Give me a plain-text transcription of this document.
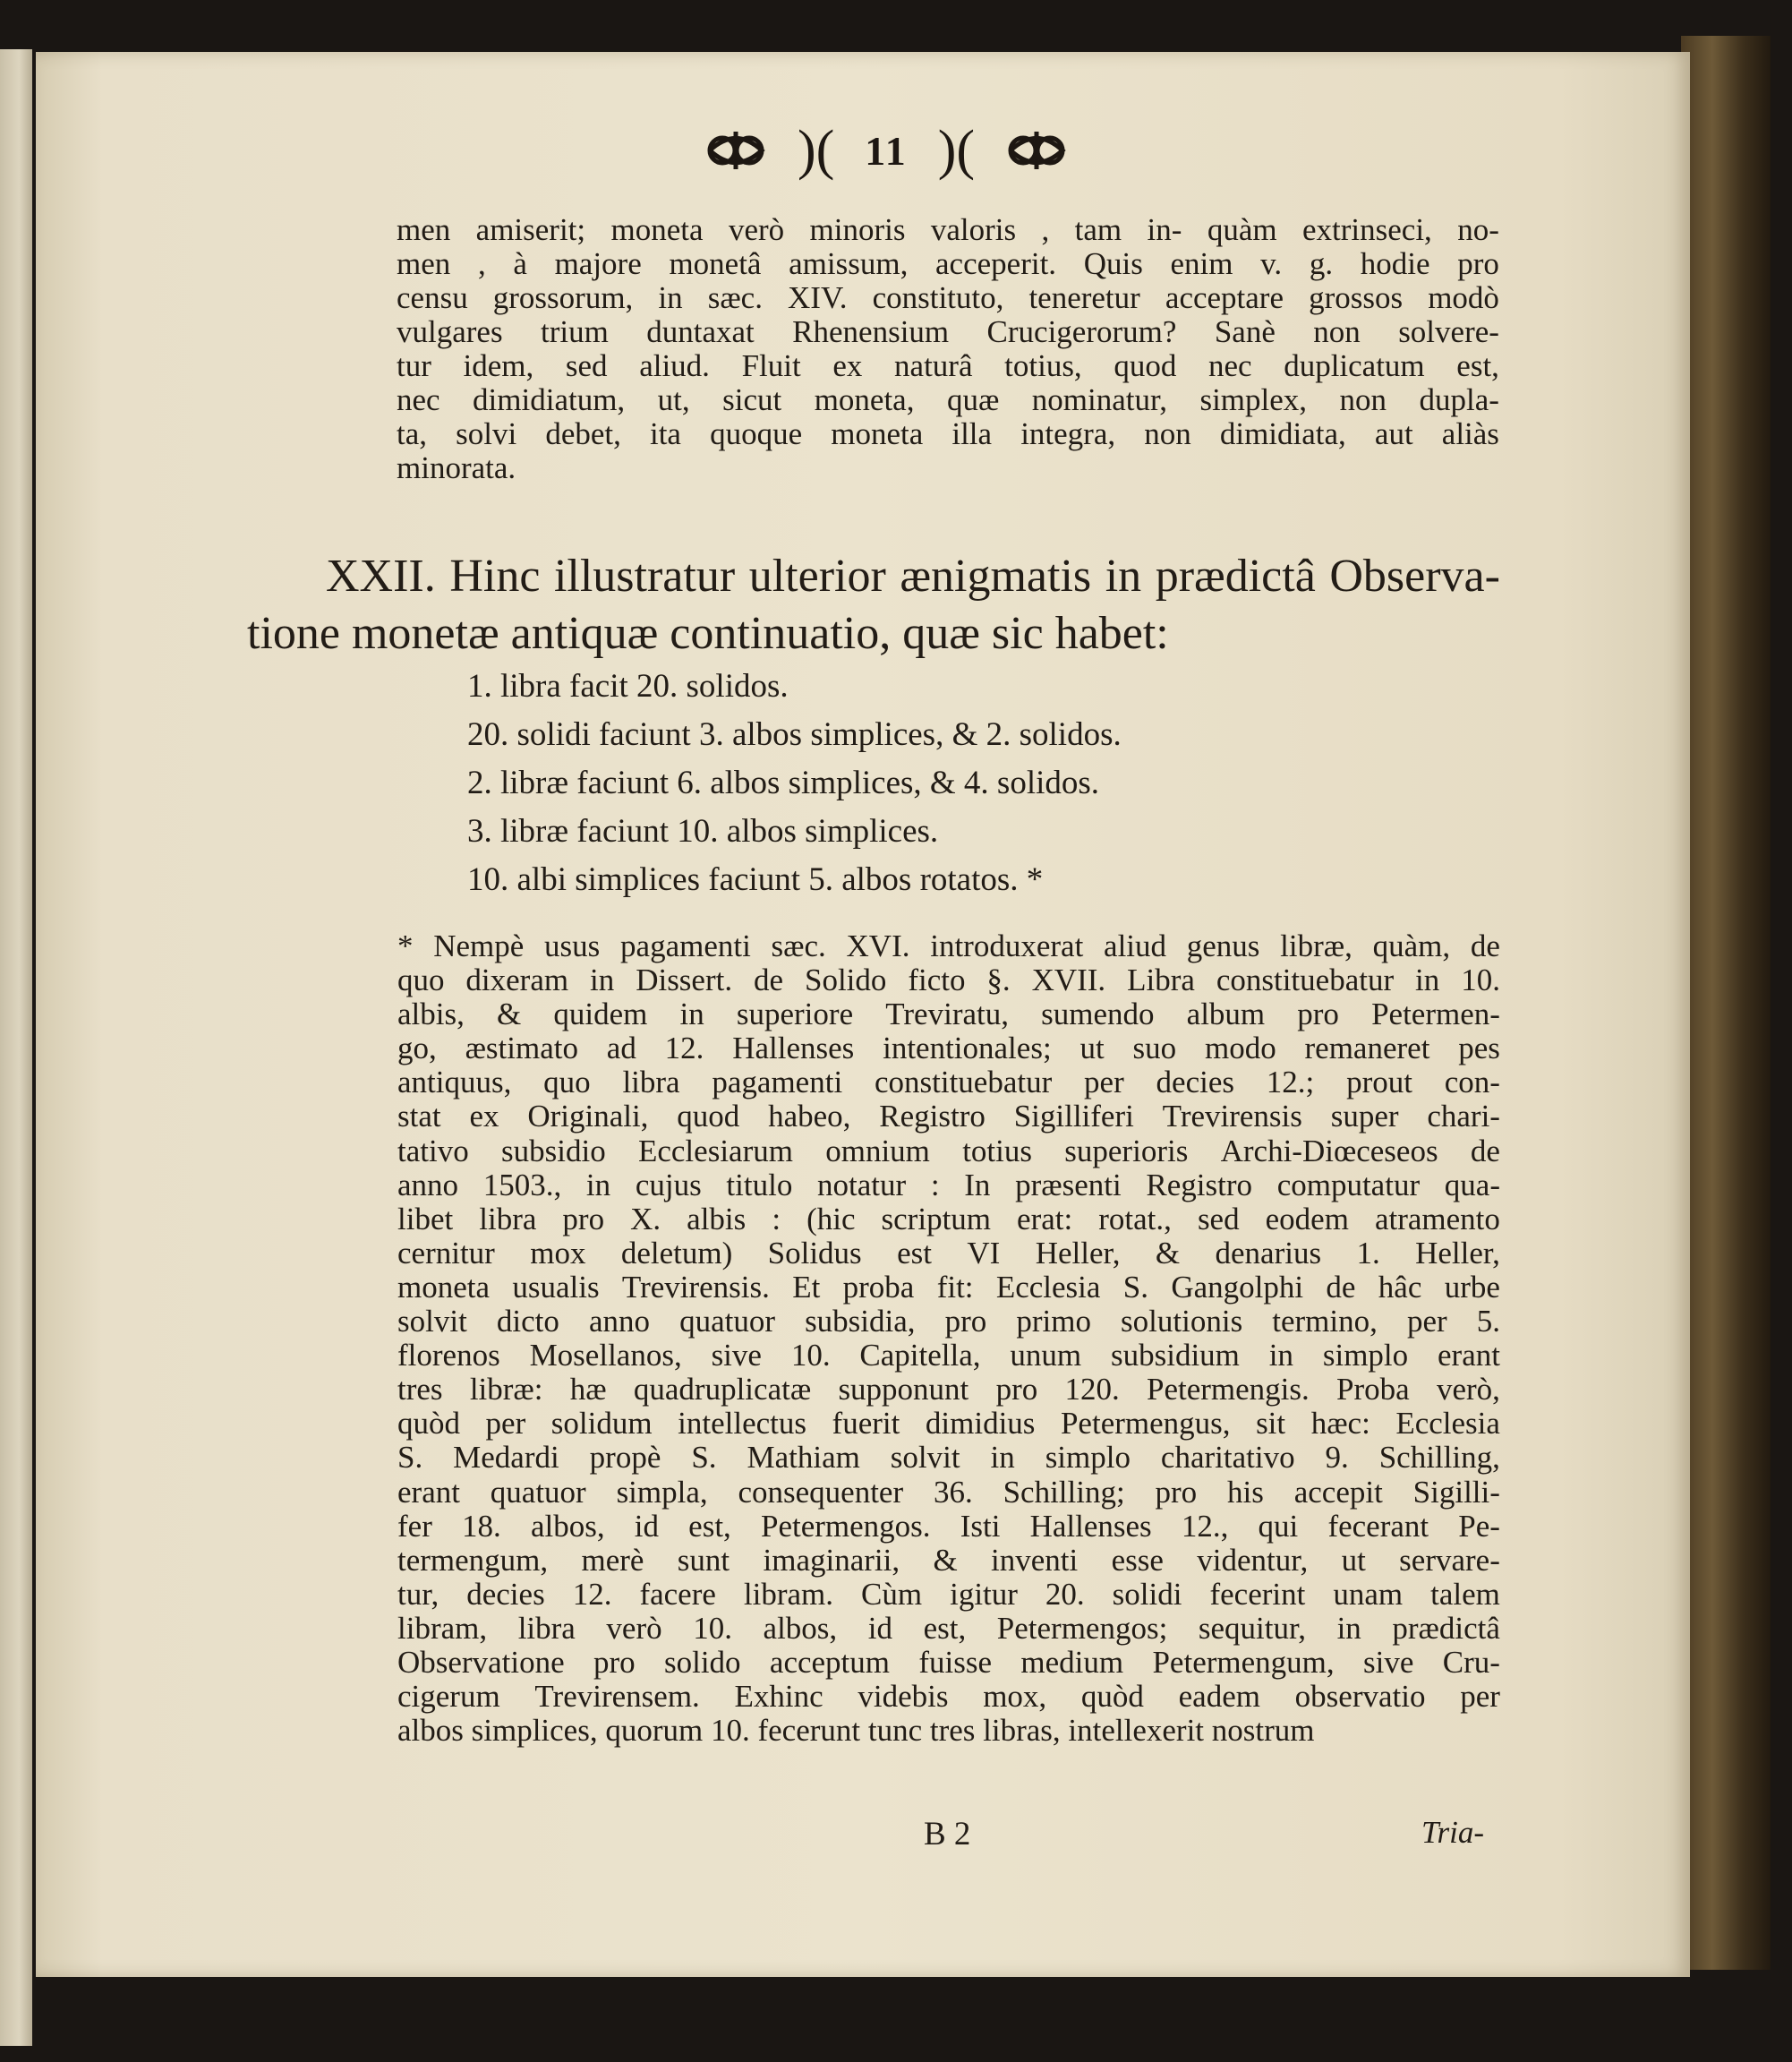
)( 11 )(
men amiserit; moneta verò minoris valoris , tam in- quàm extrinseci, no-
men , à majore monetâ amissum, acceperit. Quis enim v. g. hodie pro
censu grossorum, in sæc. XIV. constituto, teneretur acceptare grossos modò
vulgares trium duntaxat Rhenensium Crucigerorum? Sanè non solvere-
tur idem, sed aliud. Fluit ex naturâ totius, quod nec duplicatum est,
nec dimidiatum, ut, sicut moneta, quæ nominatur, simplex, non dupla-
ta, solvi debet, ita quoque moneta illa integra, non dimidiata, aut aliàs
minorata.
XXII. Hinc illustratur ulterior ænigmatis in prædictâ Observa-
tione monetæ antiquæ continuatio, quæ sic habet:
1. libra facit 20. solidos.
20. solidi faciunt 3. albos simplices, & 2. solidos.
2. libræ faciunt 6. albos simplices, & 4. solidos.
3. libræ faciunt 10. albos simplices.
10. albi simplices faciunt 5. albos rotatos. *
* Nempè usus pagamenti sæc. XVI. introduxerat aliud genus libræ, quàm, de
quo dixeram in Dissert. de Solido ficto §. XVII. Libra constituebatur in 10.
albis, & quidem in superiore Treviratu, sumendo album pro Petermen-
go, æstimato ad 12. Hallenses intentionales; ut suo modo remaneret pes
antiquus, quo libra pagamenti constituebatur per decies 12.; prout con-
stat ex Originali, quod habeo, Registro Sigilliferi Trevirensis super chari-
tativo subsidio Ecclesiarum omnium totius superioris Archi-Diœceseos de
anno 1503., in cujus titulo notatur : In præsenti Registro computatur qua-
libet libra pro X. albis : (hic scriptum erat: rotat., sed eodem atramento
cernitur mox deletum) Solidus est VI Heller, & denarius 1. Heller,
moneta usualis Trevirensis. Et proba fit: Ecclesia S. Gangolphi de hâc urbe
solvit dicto anno quatuor subsidia, pro primo solutionis termino, per 5.
florenos Mosellanos, sive 10. Capitella, unum subsidium in simplo erant
tres libræ: hæ quadruplicatæ supponunt pro 120. Petermengis. Proba verò,
quòd per solidum intellectus fuerit dimidius Petermengus, sit hæc: Ecclesia
S. Medardi propè S. Mathiam solvit in simplo charitativo 9. Schilling,
erant quatuor simpla, consequenter 36. Schilling; pro his accepit Sigilli-
fer 18. albos, id est, Petermengos. Isti Hallenses 12., qui fecerant Pe-
termengum, merè sunt imaginarii, & inventi esse videntur, ut servare-
tur, decies 12. facere libram. Cùm igitur 20. solidi fecerint unam talem
libram, libra verò 10. albos, id est, Petermengos; sequitur, in prædictâ
Observatione pro solido acceptum fuisse medium Petermengum, sive Cru-
cigerum Trevirensem. Exhinc videbis mox, quòd eadem observatio per
albos simplices, quorum 10. fecerunt tunc tres libras, intellexerit nostrum
B 2	Tria-
